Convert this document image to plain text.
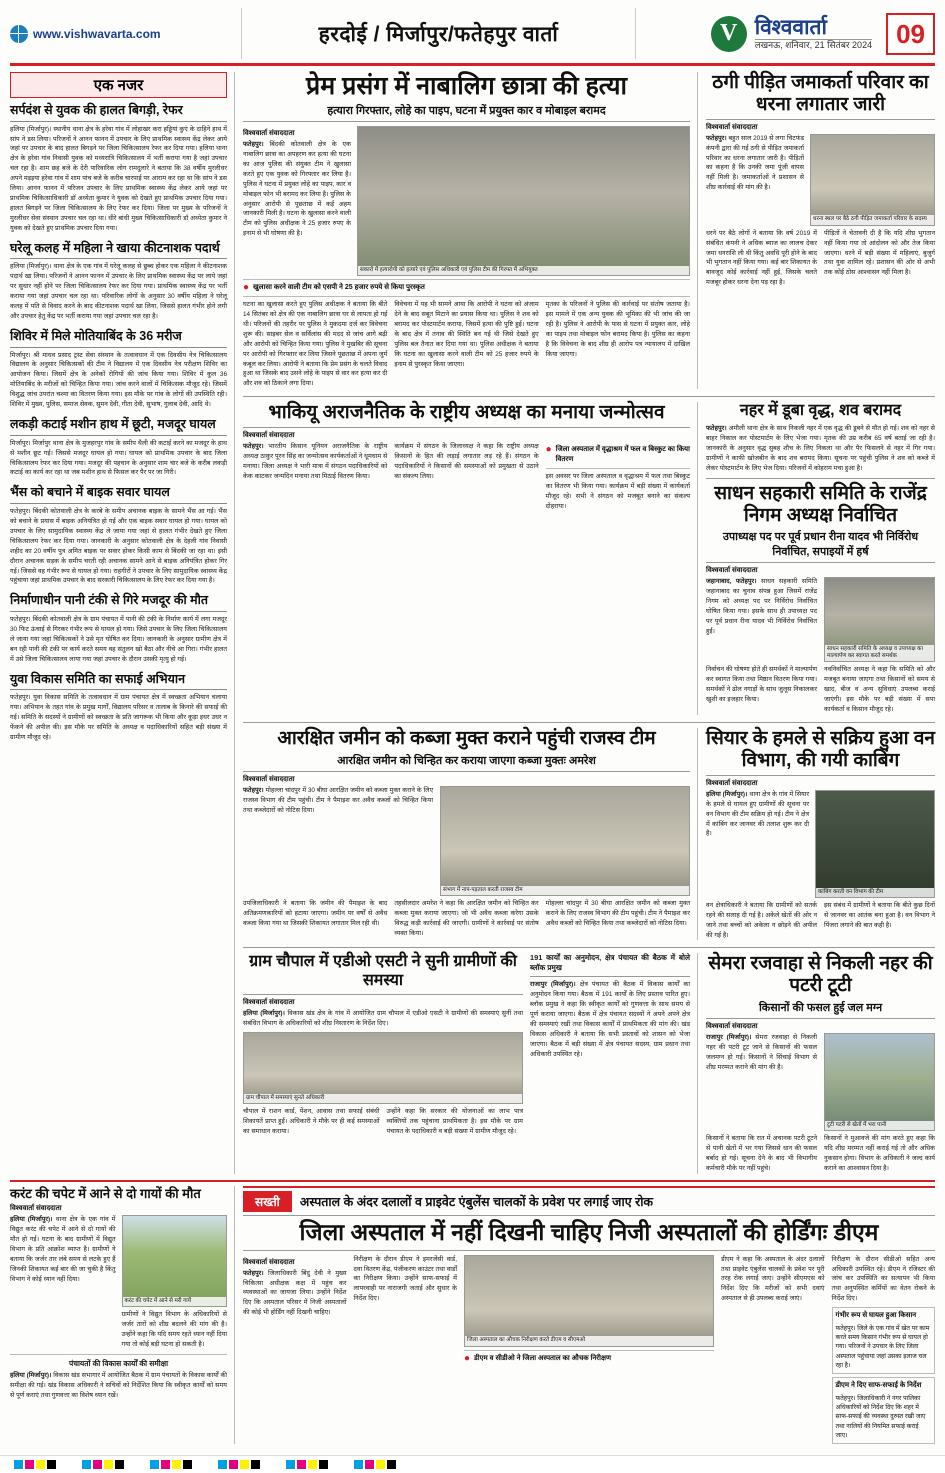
www.vishwavarta.com	हरदोई / मिर्जापुर/फतेहपुर वार्ता	V विश्ववार्ता
लखनऊ, शनिवार, 21 सितंबर 2024 09
एक नजर
सर्पदंश से युवक की हालत बिगड़ी, रेफर
हलिया (मिर्जापुर)। स्थानीय थाना क्षेत्र के हरेवा गांव में लोहाखर करा हड्डियां कुएं के दाहिने हाथ में सांप ने डस लिया। परिजनों ने आनन फानन में उपचार के लिए प्राथमिक स्वास्थ्य केंद्र लेकर आये जहां पर उपचार के बाद हालत बिगड़ने पर जिला चिकित्सालय रेफर कर दिया गया। हलिया थाना क्षेत्र के हरेवा गांव निवासी युवक को मध्यरात्रि चिकित्सालय में भर्ती कराया गया है जहां उपचार चल रहा है। शाम छह बजे के देरी पारिवारिक लोग रामदुलारे ने बताया कि 38 वर्षीय मुरलीधर अपने मड़इया हरेवा गांव में शाम पांच बजे के करीब चारपाई पर आराम कर रहा था कि सांप ने डस लिया। आनन फानन में परिजन उपचार के लिए प्राथमिक स्वास्थ्य केंद्र लेकर आये जहां पर प्राथमिक चिकित्साधिकारी डॉ अध्येता कुमार ने युवक को देखते हुए प्राथमिक उपचार दिया गया। हालत बिगड़ने पर जिला चिकित्सालय के लिए रेफर कर दिया। जिला पर मुख्य के परिजनों ने मुरलीधर सेवा संस्थान उपचार चल रहा था। धीरे बांधी मुख्य चिकित्साधिकारी डॉ अध्येता कुमार ने युवक को देखते हुए प्राथमिक उपचार दिया गया।
घरेलू कलह में महिला ने खाया कीटनाशक पदार्थ
हलिया (मिर्जापुर)। थाना क्षेत्र के एक गांव में घरेलू कलह से छुब्ध होकर एक महिला ने कीटनाशक पदार्थ खा लिया। परिजनों ने आनन फानन में उपचार के लिए प्राथमिक स्वास्थ्य केंद्र पर लाये जहां पर सुधार नहीं होने पर जिला चिकित्सालय रेफर कर दिया गया। प्राथमिक स्वास्थ्य केंद्र पर भर्ती कराया गया जहां उपचार चल रहा था। परिवारिक लोगों के अनुसार 30 वर्षीय महिला ने घरेलू कलह में पति से विवाद करने के बाद कीटनाशक पदार्थ खा लिया, जिससे हालत गंभीर होने लगी और उपचार हेतु केंद्र पर भर्ती कराया गया जहां उपचार चल रहा है।
शिविर में मिले मोतियाबिंद के 36 मरीज
मिर्जापुर। श्री माधव प्रसाद ट्रस्ट सेवा संस्थान के तत्वावधान में एक दिवसीय नेत्र चिकित्सालय विद्यालय के अनुसार चिकित्सकों की टीम ने विद्यालय में एक दिवसीय नेत्र परीक्षण शिविर का आयोजन किया। जिसमें क्षेत्र के अनेकों रोगियों की जांच किया गया। शिविर में कुल 36 मोतियाबिंद के मरीजों को चिन्हित किया गया। जांच करने वालों में चिकित्सक मौजूद रहे। जिसमें विशुद्ध जांच उपरांत चश्मा का वितरण किया गया। इस मौके पर गांव के लोगों की उपस्थिति रही। शिविर में मुख्य, पुलिस, समाज सेवक, सुमन देवी, गीता देवी, सुभाष, गुलाब देवी, आदि थे।
लकड़ी कटाई मशीन हाथ में छूटी, मजदूर घायल
मिर्जापुर। मिर्जापुर थाना क्षेत्र के मुजहरपुर गांव के समीप थैली की कटाई करने का मजदूर के हाथ से मशीन छूट गई। जिससे मजदूर घायल हो गया। घायल को प्राथमिक उपचार के बाद जिला चिकित्सालय रेफर कर दिया गया। मजदूर की पहचान के अनुसार शाम चार बजे के करीब लकड़ी कटाई का कार्य कर रहा था जब मशीन हाथ से फिसल कर पैर पर जा गिरी।
भैंस को बचाने में बाइक सवार घायल
फतेहपुर। बिंदकी कोतवाली क्षेत्र के करबे के समीप अचानक बाइक के सामने भैंस आ गई। भैंस को बचाने के प्रयास में बाइक अनियंत्रित हो गई और एक बाइक सवार घायल हो गया। घायल को उपचार के लिए सामुदायिक स्वास्थ्य केंद्र ले जाया गया जहां से हालत गंभीर देखते हुए जिला चिकित्सालय रेफर कर दिया गया। जानकारी के अनुसार कोतवाली क्षेत्र के देहली गांव निवासी शहीद का 20 वर्षीय पुत्र अमित बाइक पर सवार होकर किसी काम से बिंदकी जा रहा था। इसी दौरान अचानक सड़क के समीप चरती रही अचानक सामने आने से बाइक अनियंत्रित होकर गिर गई। जिससे वह गंभीर रूप से घायल हो गया। राहगीरों ने उपचार के लिए सामुदायिक स्वास्थ्य केंद्र पहुंचाया जहां प्राथमिक उपचार के बाद सरकारी चिकित्सालय के लिए रेफर कर दिया गया है।
निर्माणाधीन पानी टंकी से गिरे मजदूर की मौत
फतेहपुर। बिंदकी कोतवाली क्षेत्र के ग्राम पंचायत में पानी की टंकी के निर्माण कार्य में लगा मजदूर 30 फिट ऊंचाई से गिरकर गंभीर रूप से घायल हो गया। जिसे उपचार के लिए जिला चिकित्सालय ले जाया गया जहां चिकित्सकों ने उसे मृत घोषित कर दिया। जानकारी के अनुसार ग्रामीण क्षेत्र में बन रही पानी की टंकी पर कार्य करते समय वह संतुलन खो बैठा और नीचे आ गिरा। गंभीर हालत में उसे जिला चिकित्सालय लाया गया जहां उपचार के दौरान उसकी मृत्यु हो गई।
युवा विकास समिति का सफाई अभियान
फतेहपुर। युवा विकास समिति के तत्वावधान में ग्राम पंचायत क्षेत्र में स्वच्छता अभियान चलाया गया। अभियान के तहत गांव के प्रमुख मार्गों, विद्यालय परिसर व तालाब के किनारे की सफाई की गई। समिति के सदस्यों ने ग्रामीणों को स्वच्छता के प्रति जागरूक भी किया और कूड़ा इधर उधर न फेंकने की अपील की। इस मौके पर समिति के अध्यक्ष व पदाधिकारियों सहित बड़ी संख्या में ग्रामीण मौजूद रहे।
प्रेम प्रसंग में नाबालिग छात्रा की हत्या
हत्यारा गिरफ्तार, लोहे का पाइप, घटना में प्रयुक्त कार व मोबाइल बरामद
विश्ववार्ता संवाददाता
फतेहपुर। बिंदकी कोतवाली क्षेत्र के एक नाबालिग छात्रा का अपहरण कर हत्या की घटना का आज पुलिस की संयुक्त टीम ने खुलासा करते हुए एक युवक को गिरफ्तार कर लिया है। पुलिस ने घटना में प्रयुक्त लोहे का पाइप, कार व मोबाइल फोन भी बरामद कर लिया है। पुलिस के अनुसार आरोपी से पूछताछ में कई अहम जानकारी मिली है। घटना के खुलासा करने वाली टीम को पुलिस अधीक्षक ने 25 हजार रुपए के इनाम से भी घोषणा की है।
सकारो में हत्यारोपी को हत्यारे एवं पुलिस अधिकारी एवं पुलिस टीम की गिरफ्त में अभियुक्त
● खुलासा करने वाली टीम को एसपी ने 25 हजार रुपये से किया पुरस्कृत
घटना का खुलासा करते हुए पुलिस अधीक्षक ने बताया कि बीते 14 सितंबर को क्षेत्र की एक नाबालिग छात्रा घर से लापता हो गई थी। परिजनों की तहरीर पर पुलिस ने मुकदमा दर्ज कर विवेचना शुरू की। साइबर सेल व सर्विलांस की मदद से जांच आगे बढ़ी और आरोपी को चिन्हित किया गया। पुलिस ने मुखबिर की सूचना पर आरोपी को गिरफ्तार कर लिया जिसने पूछताछ में अपना जुर्म कबूल कर लिया। आरोपी ने बताया कि प्रेम प्रसंग के चलते विवाद हुआ था जिसके बाद उसने लोहे के पाइप से वार कर हत्या कर दी और शव को ठिकाने लगा दिया।
विवेचना में यह भी सामने आया कि आरोपी ने घटना को अंजाम देने के बाद सबूत मिटाने का प्रयास किया था। पुलिस ने शव को बरामद कर पोस्टमार्टम कराया, जिसमें हत्या की पुष्टि हुई। घटना के बाद क्षेत्र में तनाव की स्थिति बन गई थी जिसे देखते हुए पुलिस बल तैनात कर दिया गया था। पुलिस अधीक्षक ने बताया कि घटना का खुलासा करने वाली टीम को 25 हजार रुपये के इनाम से पुरस्कृत किया जाएगा।
मृतका के परिजनों ने पुलिस की कार्रवाई पर संतोष जताया है। इस मामले में एक अन्य युवक की भूमिका की भी जांच की जा रही है। पुलिस ने आरोपी के पास से घटना में प्रयुक्त कार, लोहे का पाइप तथा मोबाइल फोन बरामद किया है। पुलिस का कहना है कि विवेचना के बाद शीघ्र ही आरोप पत्र न्यायालय में दाखिल किया जाएगा।
ठगी पीड़ित जमाकर्ता परिवार का धरना लगातार जारी
विश्ववार्ता संवाददाता
फतेहपुर। बहुत साल 2019 से लगा चिटफंड कंपनी द्वारा की गई ठगी से पीड़ित जमाकर्ता परिवार का धरना लगातार जारी है। पीड़ितों का कहना है कि उनकी जमा पूंजी वापस नहीं मिली है। जमाकर्ताओं ने प्रशासन से शीघ्र कार्रवाई की मांग की है।
धरना स्थल पर बैठे ठगी पीड़ित जमाकर्ता परिवार के सदस्य
धरने पर बैठे लोगों ने बताया कि वर्ष 2019 में संबंधित कंपनी ने अधिक ब्याज का लालच देकर जमा धनराशि ली थी किंतु अवधि पूरी होने के बाद भी भुगतान नहीं किया गया। कई बार शिकायत के बावजूद कोई कार्रवाई नहीं हुई, जिसके चलते मजबूर होकर धरना देना पड़ रहा है।
पीड़ितों ने चेतावनी दी है कि यदि शीघ्र भुगतान नहीं किया गया तो आंदोलन को और तेज किया जाएगा। धरने में बड़ी संख्या में महिलाएं, बुजुर्ग तथा युवा शामिल रहे। प्रशासन की ओर से अभी तक कोई ठोस आश्वासन नहीं मिला है।
भाकियू अराजनैतिक के राष्ट्रीय अध्यक्ष का मनाया जन्मोत्सव
विश्ववार्ता संवाददाता
फतेहपुर। भारतीय किसान यूनियन अराजनैतिक के राष्ट्रीय अध्यक्ष ठाकुर पूरन सिंह का जन्मोत्सव कार्यकर्ताओं ने धूमधाम से मनाया। जिला अध्यक्ष ने भारी मात्रा में संगठन पदाधिकारियों को केक काटकर जन्मदिन मनाया तथा मिठाई वितरण किया।
कार्यक्रम में संगठन के जिलाध्यक्ष ने कहा कि राष्ट्रीय अध्यक्ष किसानों के हित की लड़ाई लगातार लड़ रहे हैं। संगठन के पदाधिकारियों ने किसानों की समस्याओं को प्रमुखता से उठाने का संकल्प लिया।
● जिला अस्पताल में वृद्धाश्रम में फल व बिस्कुट का किया वितरण
इस अवसर पर जिला अस्पताल व वृद्धाश्रम में फल तथा बिस्कुट का वितरण भी किया गया। कार्यक्रम में बड़ी संख्या में कार्यकर्ता मौजूद रहे। सभी ने संगठन को मजबूत बनाने का संकल्प दोहराया।
नहर में डूबा वृद्ध, शव बरामद
फतेहपुर। अमौली थाना क्षेत्र के साथ निकली नहर में एक वृद्ध की डूबने से मौत हो गई। शव को नहर से बाहर निकाल कर पोस्टमार्टम के लिए भेजा गया। मृतक की उम्र करीब 65 वर्ष बताई जा रही है। जानकारी के अनुसार वृद्ध सुबह शौच के लिए निकला था और पैर फिसलने से नहर में गिर गया। ग्रामीणों ने काफी खोजबीन के बाद शव बरामद किया। सूचना पर पहुंची पुलिस ने शव को कब्जे में लेकर पोस्टमार्टम के लिए भेज दिया। परिजनों में कोहराम मचा हुआ है।
साधन सहकारी समिति के राजेंद्र निगम अध्यक्ष निर्वाचित
उपाध्यक्ष पद पर पूर्व प्रधान रीना यादव भी निर्विरोध निर्वाचित, सपाइयों में हर्ष
विश्ववार्ता संवाददाता
जहानाबाद, फतेहपुर। साधन सहकारी समिति जहानाबाद का चुनाव संपन्न हुआ जिसमें राजेंद्र निगम को अध्यक्ष पद पर निर्विरोध निर्वाचित घोषित किया गया। इसके साथ ही उपाध्यक्ष पद पर पूर्व प्रधान रीना यादव भी निर्विरोध निर्वाचित हुईं।
साधन सहकारी समिति के अध्यक्ष व उपाध्यक्ष का माल्यार्पण कर स्वागत करते समर्थक
निर्वाचन की घोषणा होते ही समर्थकों ने माल्यार्पण कर स्वागत किया तथा मिष्ठान वितरण किया गया। समर्थकों ने ढोल नगाड़ों के साथ जुलूस निकालकर खुशी का इजहार किया।
नवनिर्वाचित अध्यक्ष ने कहा कि समिति को और मजबूत बनाया जाएगा तथा किसानों को समय से खाद, बीज व अन्य सुविधाएं उपलब्ध कराई जाएंगी। इस मौके पर बड़ी संख्या में सपा कार्यकर्ता व किसान मौजूद रहे।
आरक्षित जमीन को कब्जा मुक्त कराने पहुंची राजस्व टीम
आरक्षित जमीन को चिन्हित कर कराया जाएगा कब्जा मुक्तः अमरेश
विश्ववार्ता संवाददाता
फतेहपुर। मोहल्ला चांदपुर में 30 बीघा आरक्षित जमीन को कब्जा मुक्त कराने के लिए राजस्व विभाग की टीम पहुंची। टीम ने पैमाइश कर अवैध कब्जों को चिन्हित किया तथा कब्जेदारों को नोटिस दिया।
संभाग में नाप-पड़ताल करती राजस्व टीम
उपजिलाधिकारी ने बताया कि जमीन की पैमाइश के बाद अतिक्रमणकारियों को हटाया जाएगा। जमीन पर वर्षों से अवैध कब्जा किया गया था जिसकी शिकायत लगातार मिल रही थी।
तहसीलदार अमरेश ने कहा कि आरक्षित जमीन को चिन्हित कर कब्जा मुक्त कराया जाएगा। जो भी अवैध कब्जा करेगा उसके विरुद्ध कड़ी कार्रवाई की जाएगी। ग्रामीणों ने कार्रवाई पर संतोष व्यक्त किया।
मोहल्ला चांदपुर में 30 बीघा आरक्षित जमीन को कब्जा मुक्त कराने के लिए राजस्व विभाग की टीम पहुंची। टीम ने पैमाइश कर अवैध कब्जों को चिन्हित किया तथा कब्जेदारों को नोटिस दिया।
सियार के हमले से सक्रिय हुआ वन विभाग, की गयी काबिंग
विश्ववार्ता संवाददाता
हलिया (मिर्जापुर)। थाना क्षेत्र के गांव में सियार के हमले से घायल हुए ग्रामीणों की सूचना पर वन विभाग की टीम सक्रिय हो गई। टीम ने क्षेत्र में कांबिंग कर जानवर की तलाश शुरू कर दी है।
कांबिंग करती वन विभाग की टीम
वन क्षेत्राधिकारी ने बताया कि ग्रामीणों को सतर्क रहने की सलाह दी गई है। अकेले खेतों की ओर न जाने तथा बच्चों को अकेला न छोड़ने की अपील की गई है।
इस संबंध में ग्रामीणों ने बताया कि बीते कुछ दिनों से जानवर का आतंक बना हुआ है। वन विभाग ने पिंजरा लगाने की बात कही है।
ग्राम चौपाल में एडीओ एसटी ने सुनी ग्रामीणों की समस्या
विश्ववार्ता संवाददाता
हलिया (मिर्जापुर)। विकास खंड क्षेत्र के गांव में आयोजित ग्राम चौपाल में एडीओ एसटी ने ग्रामीणों की समस्याएं सुनीं तथा संबंधित विभाग के अधिकारियों को शीघ्र निस्तारण के निर्देश दिए।
ग्राम चौपाल में समस्याएं सुनते अधिकारी
चौपाल में राशन कार्ड, पेंशन, आवास तथा सफाई संबंधी शिकायतें प्राप्त हुईं। अधिकारी ने मौके पर ही कई समस्याओं का समाधान कराया।
उन्होंने कहा कि सरकार की योजनाओं का लाभ पात्र व्यक्तियों तक पहुंचाना प्राथमिकता है। इस मौके पर ग्राम पंचायत के पदाधिकारी व बड़ी संख्या में ग्रामीण मौजूद रहे।
191 कार्यों का अनुमोदन, क्षेत्र पंचायत की बैठक में बोले ब्लॉक प्रमुख
राजापुर (मिर्जापुर)। क्षेत्र पंचायत की बैठक में विकास कार्यों का अनुमोदन किया गया। बैठक में 191 कार्यों के लिए प्रस्ताव पारित हुए। ब्लॉक प्रमुख ने कहा कि स्वीकृत कार्यों को गुणवत्ता के साथ समय से पूर्ण कराया जाएगा। बैठक में क्षेत्र पंचायत सदस्यों ने अपने अपने क्षेत्र की समस्याएं रखीं तथा विकास कार्यों में प्राथमिकता की मांग की। खंड विकास अधिकारी ने बताया कि सभी प्रस्तावों को शासन को भेजा जाएगा। बैठक में बड़ी संख्या में क्षेत्र पंचायत सदस्य, ग्राम प्रधान तथा अधिकारी उपस्थित रहे।
सेमरा रजवाहा से निकली नहर की पटरी टूटी
किसानों की फसल हुई जल मग्न
विश्ववार्ता संवाददाता
राजापुर (मिर्जापुर)। सेमरा रजवाहा से निकली नहर की पटरी टूट जाने से किसानों की फसल जलमग्न हो गई। किसानों ने सिंचाई विभाग से शीघ्र मरम्मत कराने की मांग की है।
टूटी पटरी से खेतों में भरा पानी
किसानों ने बताया कि रात में अचानक पटरी टूटने से पानी खेतों में भर गया जिससे धान की फसल बर्बाद हो गई। सूचना देने के बाद भी विभागीय कर्मचारी मौके पर नहीं पहुंचे।
किसानों ने मुआवजे की मांग करते हुए कहा कि यदि शीघ्र मरम्मत नहीं कराई गई तो और अधिक नुकसान होगा। विभाग के अधिकारी ने जल्द कार्य कराने का आश्वासन दिया है।
करंट की चपेट में आने से दो गायों की मौत
विश्ववार्ता संवाददाता
हलिया (मिर्जापुर)। थाना क्षेत्र के एक गांव में विद्युत करंट की चपेट में आने से दो गायों की मौत हो गई। घटना के बाद ग्रामीणों में विद्युत विभाग के प्रति आक्रोश व्याप्त है। ग्रामीणों ने बताया कि जर्जर तार लंबे समय से लटके हुए हैं जिनकी शिकायत कई बार की जा चुकी है किंतु विभाग ने कोई ध्यान नहीं दिया।
करंट की चपेट में आने से मरी गायें
ग्रामीणों ने विद्युत विभाग के अधिकारियों से जर्जर तारों को शीघ्र बदलने की मांग की है। उन्होंने कहा कि यदि समय रहते ध्यान नहीं दिया गया तो कोई बड़ी घटना हो सकती है।
पंचायतों की विकास कार्यों की समीक्षा
हलिया (मिर्जापुर)। विकास खंड सभागार में आयोजित बैठक में ग्राम पंचायतों के विकास कार्यों की समीक्षा की गई। खंड विकास अधिकारी ने सचिवों को निर्देशित किया कि स्वीकृत कार्यों को समय से पूर्ण कराएं तथा गुणवत्ता का विशेष ध्यान रखें।
सख्ती	अस्पताल के अंदर दलालों व प्राइवेट एंबुलेंस चालकों के प्रवेश पर लगाई जाए रोक
जिला अस्पताल में नहीं दिखनी चाहिए निजी अस्पतालों की होर्डिंगः डीएम
विश्ववार्ता संवाददाता
फतेहपुर। जिलाधिकारी बिंदु देवी ने मुख्य चिकित्सा अधीक्षक कक्ष में पहुंच कर व्यवस्थाओं का जायजा लिया। उन्होंने निर्देश दिए कि अस्पताल परिसर में निजी अस्पतालों की कोई भी होर्डिंग नहीं दिखनी चाहिए।
निरीक्षण के दौरान डीएम ने इमरजेंसी वार्ड, दवा वितरण केंद्र, पंजीकरण काउंटर तथा वार्डों का निरीक्षण किया। उन्होंने साफ-सफाई में लापरवाही पर नाराजगी जताई और सुधार के निर्देश दिए।
जिला अस्पताल का औचक निरीक्षण करते डीएम व सीएमओ
● डीएम व सीडीओ ने जिला अस्पताल का औचक निरीक्षण
डीएम ने कहा कि अस्पताल के अंदर दलालों तथा प्राइवेट एंबुलेंस चालकों के प्रवेश पर पूरी तरह रोक लगाई जाए। उन्होंने सीएमएस को निर्देश दिए कि मरीजों को सभी दवाएं अस्पताल से ही उपलब्ध कराई जाएं।
निरीक्षण के दौरान सीडीओ सहित अन्य अधिकारी उपस्थित रहे। डीएम ने रजिस्टर की जांच कर उपस्थिति का सत्यापन भी किया तथा अनुपस्थित कर्मियों का वेतन रोकने के निर्देश दिए।
गंभीर रूप से घायल हुआ किसान
फतेहपुर। जिले के एक गांव में खेत पर काम करते समय किसान गंभीर रूप से घायल हो गया। परिजनों ने उपचार के लिए जिला अस्पताल पहुंचाया जहां उसका इलाज चल रहा है।
डीएम ने दिए साफ-सफाई के निर्देश
फतेहपुर। जिलाधिकारी ने नगर पालिका अधिकारियों को निर्देश दिए कि शहर में साफ-सफाई की व्यवस्था दुरुस्त रखी जाए तथा नालियों की नियमित सफाई कराई जाए।
